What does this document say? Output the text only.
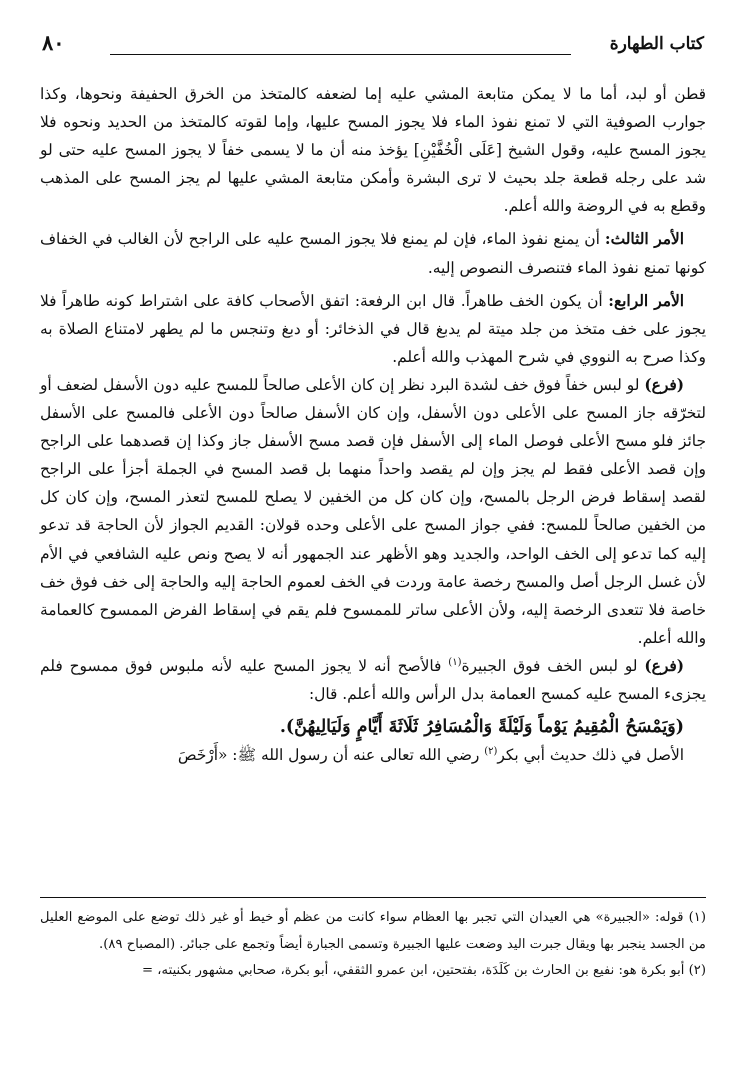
كتاب الطهارة
٨٠

قطن أو لبد، أما ما لا يمكن متابعة المشي عليه إما لضعفه كالمتخذ من الخرق الحفيفة ونحوها، وكذا جوارب الصوفية التي لا تمنع نفوذ الماء فلا يجوز المسح عليها، وإما لقوته كالمتخذ من الحديد ونحوه فلا يجوز المسح عليه، وقول الشيخ [عَلَى الْخُفَّيْنِ] يؤخذ منه أن ما لا يسمى خفاً لا يجوز المسح عليه حتى لو شد على رجله قطعة جلد بحيث لا ترى البشرة وأمكن متابعة المشي عليها لم يجز المسح على المذهب وقطع به في الروضة والله أعلم.

الأمر الثالث: أن يمنع نفوذ الماء، فإن لم يمنع فلا يجوز المسح عليه على الراجح لأن الغالب في الخفاف كونها تمنع نفوذ الماء فتنصرف النصوص إليه.

الأمر الرابع: أن يكون الخف طاهراً. قال ابن الرفعة: اتفق الأصحاب كافة على اشتراط كونه طاهراً فلا يجوز على خف متخذ من جلد ميتة لم يدبغ قال في الذخائر: أو دبغ وتنجس ما لم يطهر لامتناع الصلاة به وكذا صرح به النووي في شرح المهذب والله أعلم.

(فرع) لو لبس خفاً فوق خف لشدة البرد نظر إن كان الأعلى صالحاً للمسح عليه دون الأسفل لضعف أو لتخرّقه جاز المسح على الأعلى دون الأسفل، وإن كان الأسفل صالحاً دون الأعلى فالمسح على الأسفل جائز فلو مسح الأعلى فوصل الماء إلى الأسفل فإن قصد مسح الأسفل جاز وكذا إن قصدهما على الراجح وإن قصد الأعلى فقط لم يجز وإن لم يقصد واحداً منهما بل قصد المسح في الجملة أجزأ على الراجح لقصد إسقاط فرض الرجل بالمسح، وإن كان كل من الخفين لا يصلح للمسح لتعذر المسح، وإن كان كل من الخفين صالحاً للمسح: ففي جواز المسح على الأعلى وحده قولان: القديم الجواز لأن الحاجة قد تدعو إليه كما تدعو إلى الخف الواحد، والجديد وهو الأظهر عند الجمهور أنه لا يصح ونص عليه الشافعي في الأم لأن غسل الرجل أصل والمسح رخصة عامة وردت في الخف لعموم الحاجة إليه والحاجة إلى خف فوق خف خاصة فلا تتعدى الرخصة إليه، ولأن الأعلى ساتر للممسوح فلم يقم في إسقاط الفرض الممسوح كالعمامة والله أعلم.

(فرع) لو لبس الخف فوق الجبيرة$^{(١)}$ فالأصح أنه لا يجوز المسح عليه لأنه ملبوس فوق ممسوح فلم يجزىء المسح عليه كمسح العمامة بدل الرأس والله أعلم. قال:

(وَيَمْسَحُ الْمُقِيمُ يَوْماً وَلَيْلَةً وَالْمُسَافِرُ ثَلَاثَةَ أَيَّامٍ وَلَيَالِيهُنَّ).

الأصل في ذلك حديث أبي بكر$^{(٢)}$ رضي الله تعالى عنه أن رسول الله ﷺ: «أَرْخَصَ

(١) قوله: «الجبيرة» هي العيدان التي تجبر بها العظام سواء كانت من عظم أو خيط أو غير ذلك توضع على الموضع العليل من الجسد ينجبر بها ويقال جبرت اليد وضعت عليها الجبيرة وتسمى الجبارة أيضاً وتجمع على جبائر. (المصباح ٨٩).

(٢) أبو بكرة هو: نفيع بن الحارث بن كَلَدَة، بفتحتين، ابن عمرو الثقفي، أبو بكرة، صحابي مشهور بكنيته، =
